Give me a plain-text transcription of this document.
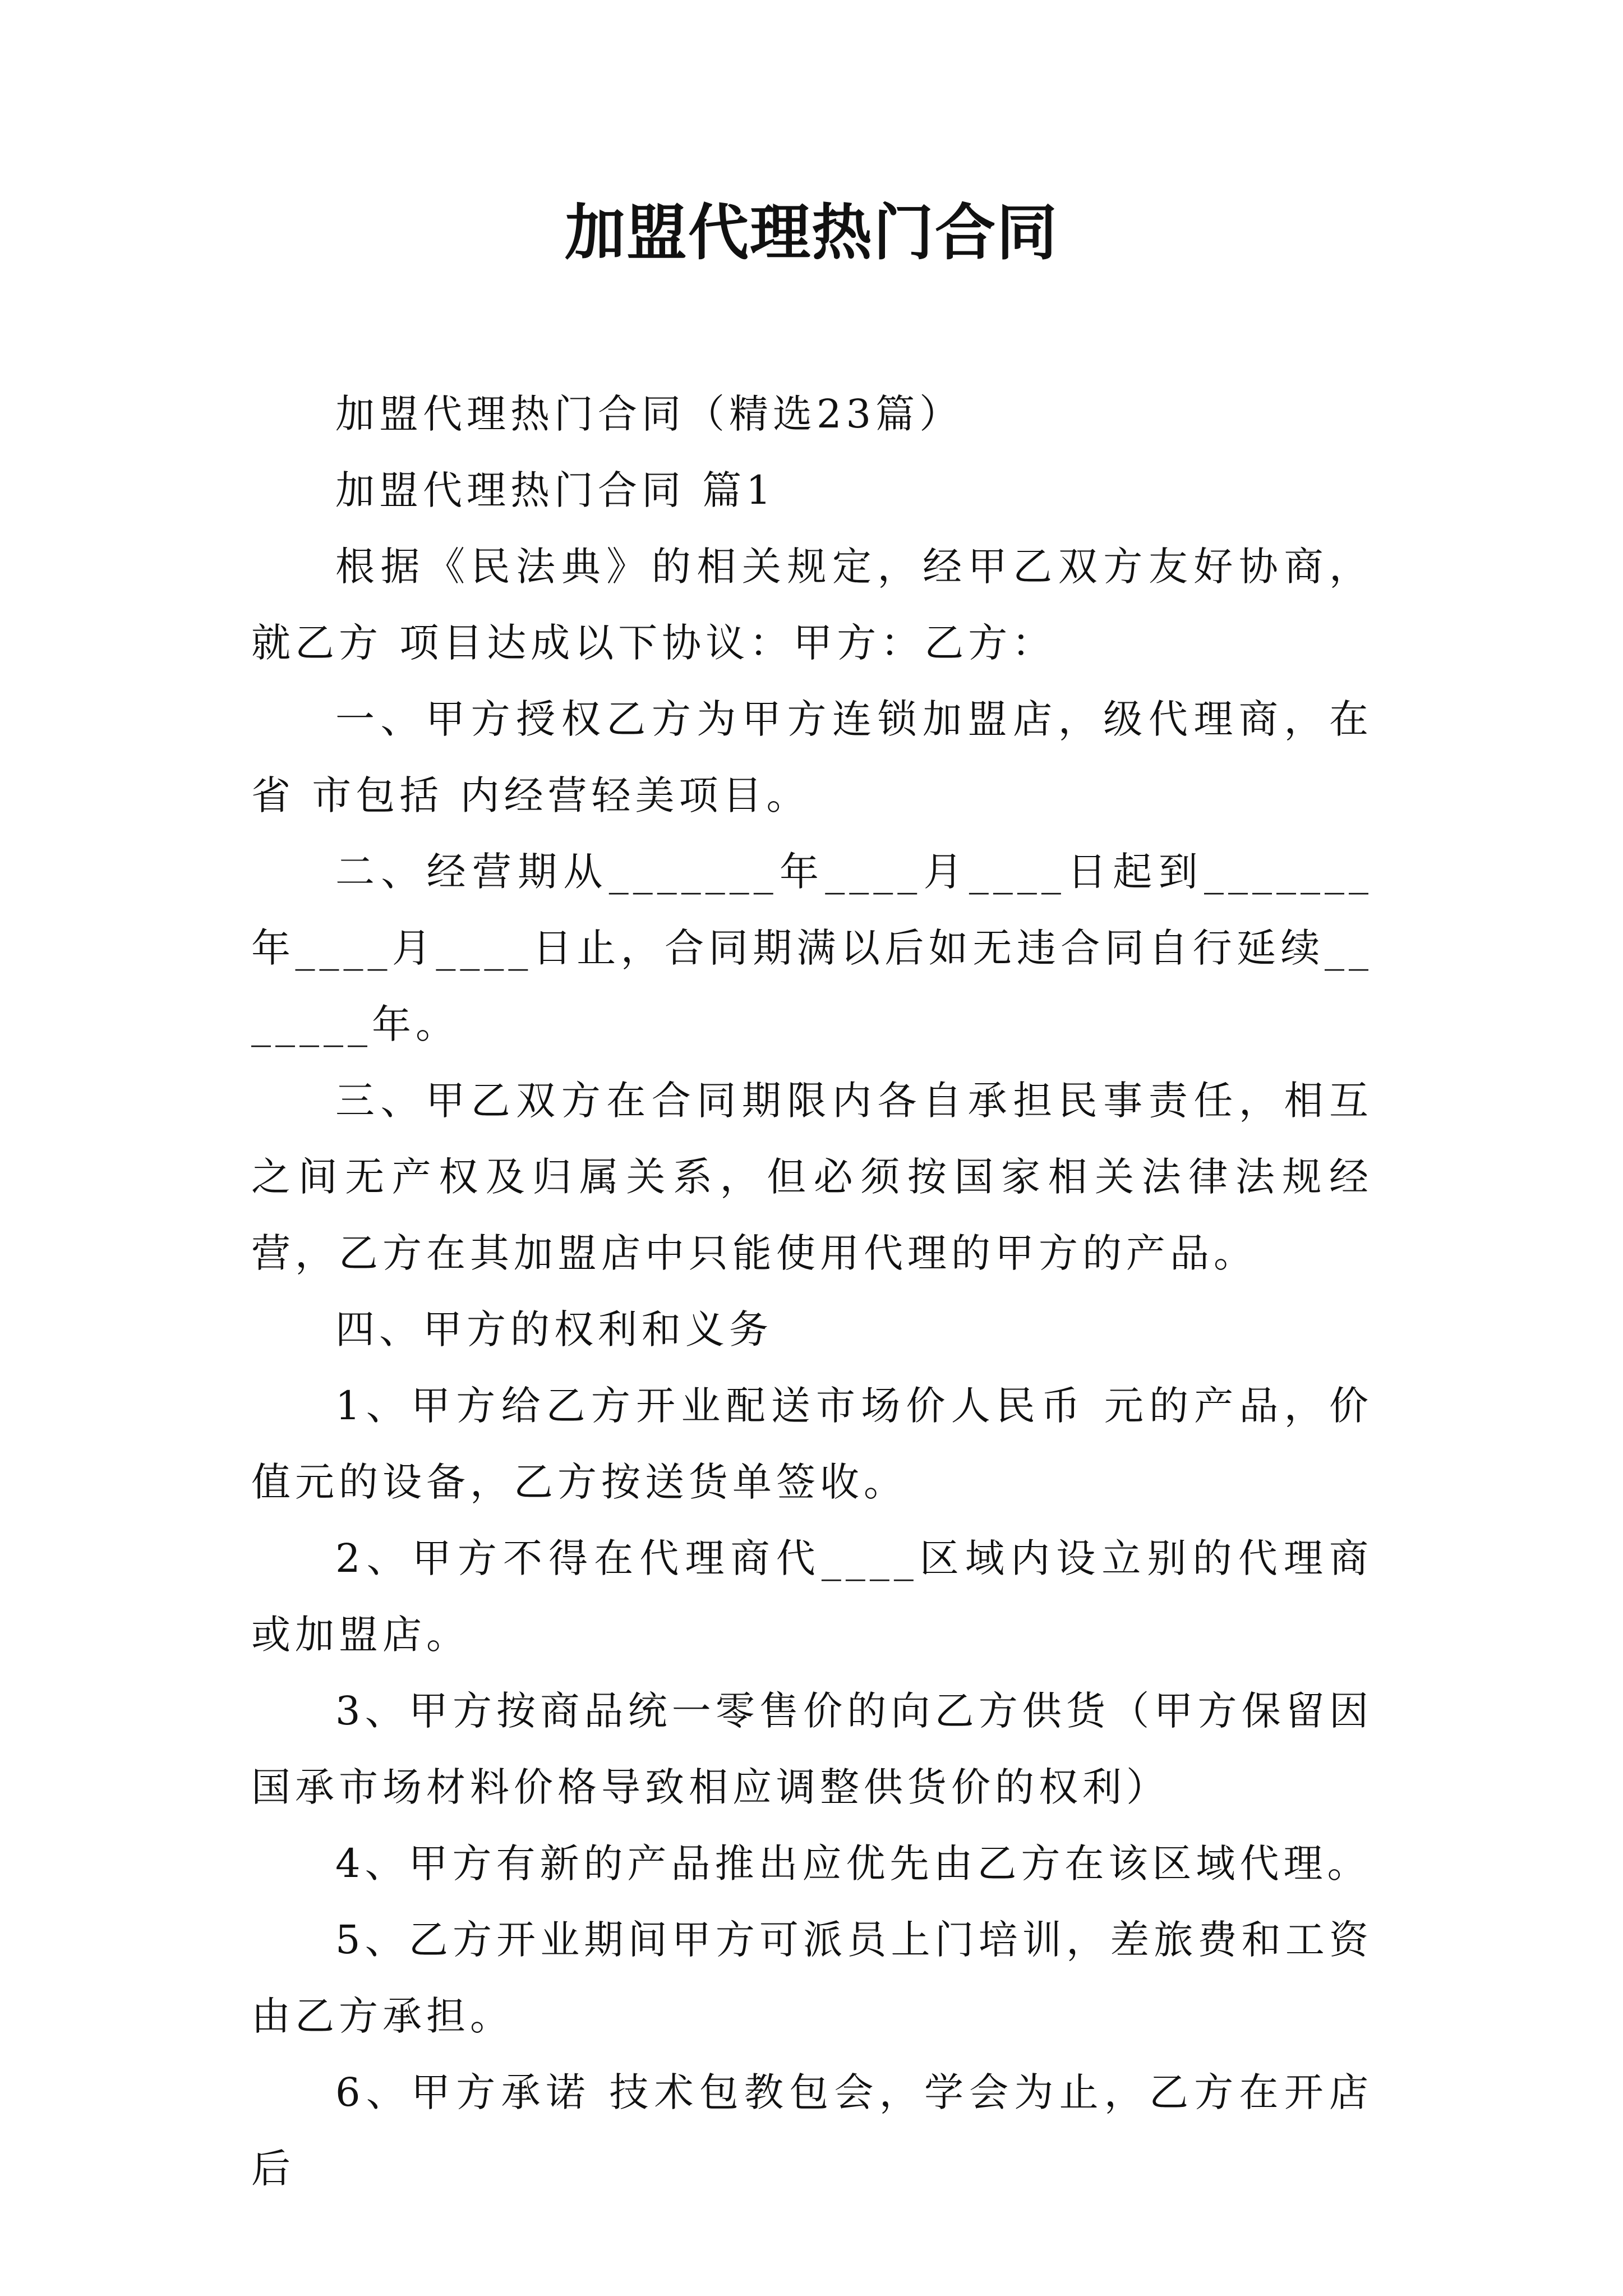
加盟代理热门合同

加盟代理热门合同（精选23篇）

加盟代理热门合同 篇1

根据《民法典》的相关规定，经甲乙双方友好协商，就乙方 项目达成以下协议：甲方：乙方：

一、甲方授权乙方为甲方连锁加盟店，级代理商，在省 市包括 内经营轻美项目。

二、经营期从_______年____月____日起到_______年____月____日止，合同期满以后如无违合同自行延续_______年。

三、甲乙双方在合同期限内各自承担民事责任，相互之间无产权及归属关系，但必须按国家相关法律法规经营，乙方在其加盟店中只能使用代理的甲方的产品。

四、甲方的权利和义务

1、甲方给乙方开业配送市场价人民币 元的产品，价值元的设备，乙方按送货单签收。

2、甲方不得在代理商代____区域内设立别的代理商或加盟店。

3、甲方按商品统一零售价的向乙方供货（甲方保留因国承市场材料价格导致相应调整供货价的权利）

4、甲方有新的产品推出应优先由乙方在该区域代理。

5、乙方开业期间甲方可派员上门培训，差旅费和工资由乙方承担。

6、甲方承诺 技术包教包会，学会为止，乙方在开店后
